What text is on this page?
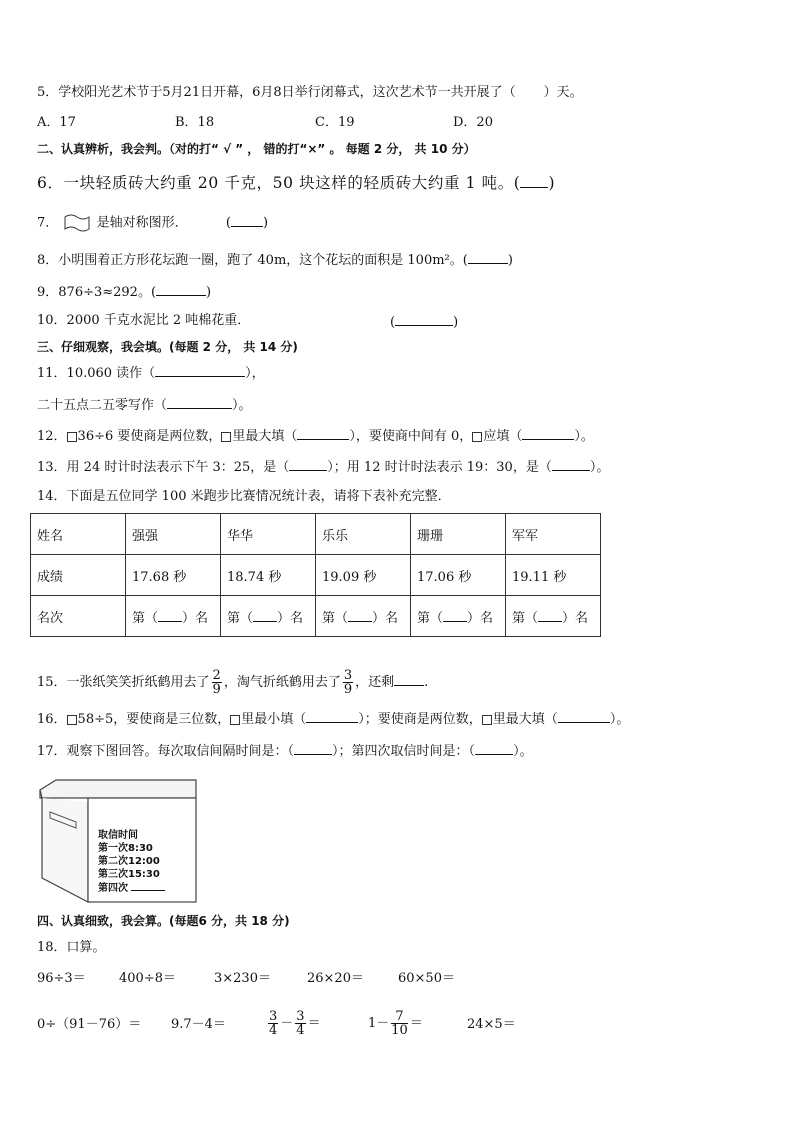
5．学校阳光艺术节于5月21日开幕，6月8日举行闭幕式，这次艺术节一共开展了（ ）天。
A．17	B．18	C．19	D．20
二、认真辨析，我会判。（对的打“ √ ” ， 错的打“×” 。 每题 2 分， 共 10 分）
6．一块轻质砖大约重 20 千克，50 块这样的轻质砖大约重 1 吨。( )
7．	是轴对称图形．	( )
8．小明围着正方形花坛跑一圈，跑了 40m，这个花坛的面积是 100m²。(	)
9．876÷3≈292。(	)
10．2000 千克水泥比 2 吨棉花重．	(	)
三、仔细观察，我会填。(每题 2 分， 共 14 分)
11．10.060 读作（	），
二十五点二五零写作（	）。
12． 36÷6 要使商是两位数， 里最大填（	），要使商中间有 0， 应填（	）。
13．用 24 时计时法表示下午 3：25，是（	）；用 12 时计时法表示 19：30，是（	）。
14．下面是五位同学 100 米跑步比赛情况统计表，请将下表补充完整．
姓名	强强	华华	乐乐	珊珊	军军
成绩	17.68 秒	18.74 秒	19.09 秒	17.06 秒	19.11 秒
名次	第（ ）名	第（ ）名	第（ ）名	第（ ）名	第（ ）名
15．一张纸笑笑折纸鹤用去了 $\frac{2}{9}$ ，淘气折纸鹤用去了 $\frac{3}{9}$ ，还剩 .
16． 58÷5，要使商是三位数， 里最小填（	）；要使商是两位数， 里最大填（	）。
17．观察下图回答。每次取信间隔时间是：（	）；第四次取信时间是：（	）。
取信时间
第一次8:30
第二次12:00
第三次15:30
第四次
四、认真细致，我会算。(每题6 分，共 18 分)
18．口算。
96÷3＝	400÷8＝	3×230＝	26×20＝	60×50＝
0÷（91－76）＝ 9.7－4＝	$\frac{3}{4} - \frac{3}{4}$ ＝	$1- \frac{7}{10}$ ＝	24×5＝
